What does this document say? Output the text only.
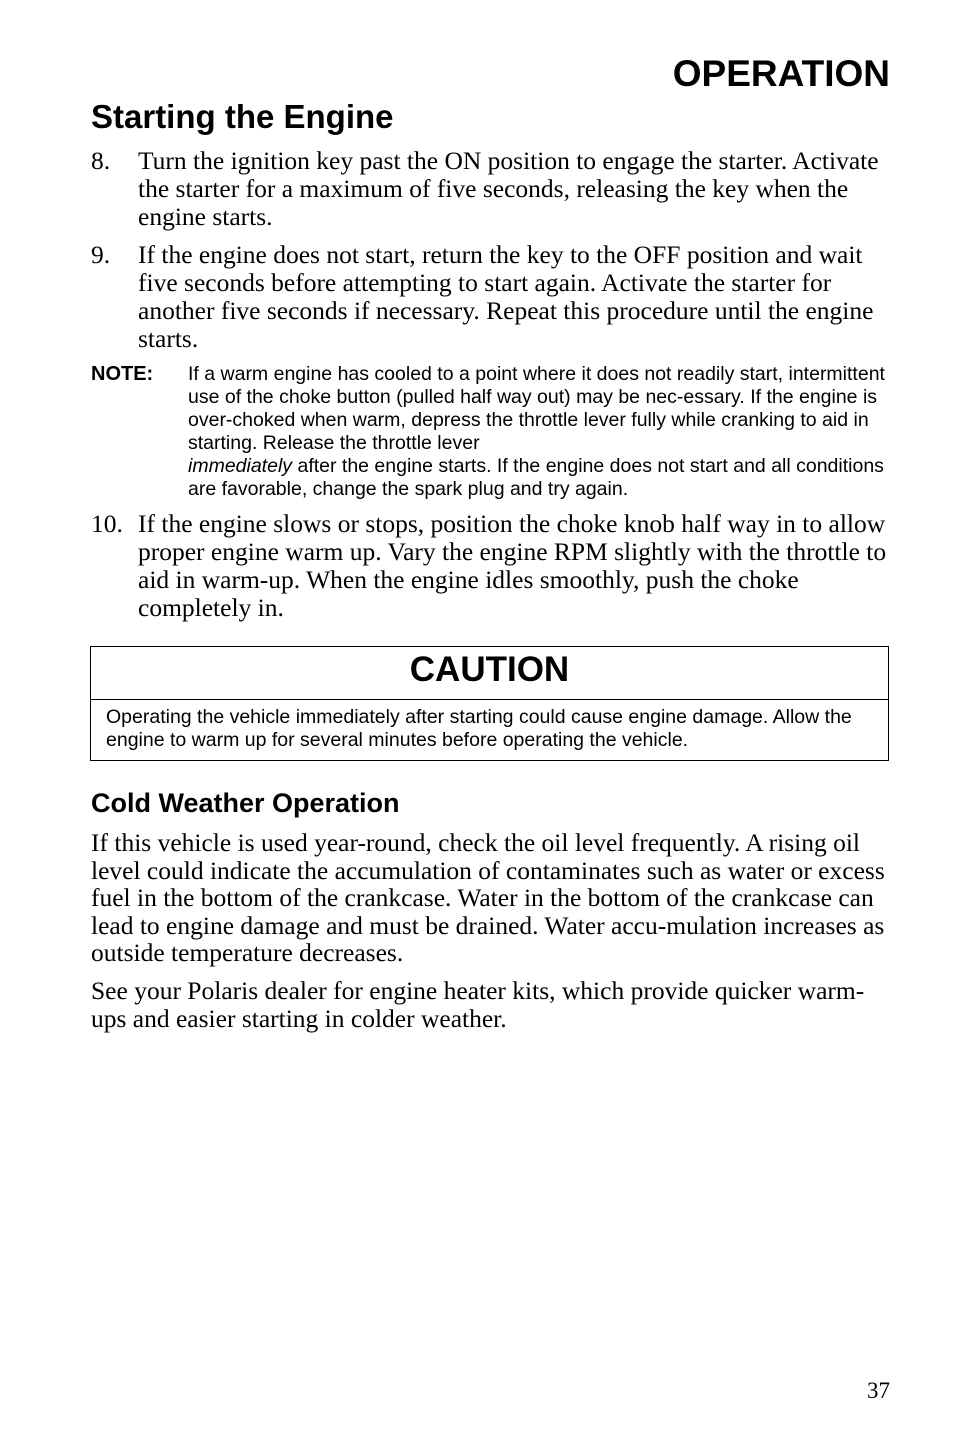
OPERATION
Starting the Engine
8. Turn the ignition key past the ON position to engage the starter. Activate the starter for a maximum of five seconds, releasing the key when the engine starts.
9. If the engine does not start, return the key to the OFF position and wait five seconds before attempting to start again. Activate the starter for another five seconds if necessary. Repeat this procedure until the engine starts.
NOTE: If a warm engine has cooled to a point where it does not readily start, intermittent use of the choke button (pulled half way out) may be nec-essary. If the engine is over-choked when warm, depress the throttle lever fully while cranking to aid in starting. Release the throttle lever
immediately after the engine starts. If the engine does not start and all conditions are favorable, change the spark plug and try again.
10. If the engine slows or stops, position the choke knob half way in to allow proper engine warm up. Vary the engine RPM slightly with the throttle to aid in warm-up. When the engine idles smoothly, push the choke completely in.
CAUTION
Operating the vehicle immediately after starting could cause engine damage. Allow the engine to warm up for several minutes before operating the vehicle.
Cold Weather Operation

If this vehicle is used year-round, check the oil level frequently. A rising oil level could indicate the accumulation of contaminates such as water or excess fuel in the bottom of the crankcase. Water in the bottom of the crankcase can lead to engine damage and must be drained. Water accu-mulation increases as outside temperature decreases.

See your Polaris dealer for engine heater kits, which provide quicker warm-ups and easier starting in colder weather.

37
